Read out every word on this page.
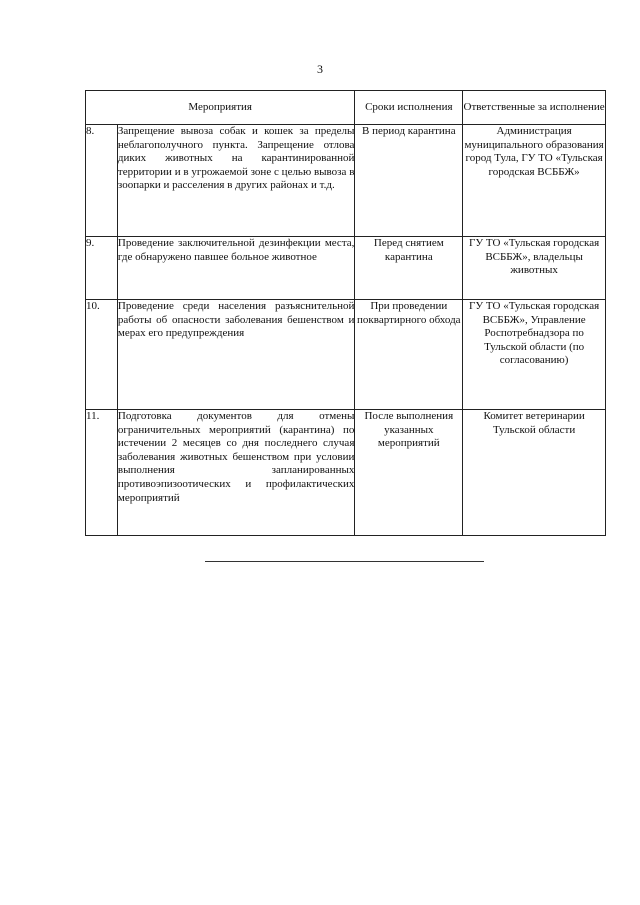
3
Мероприятия		Сроки исполнения	Ответственные за исполнение
8.	Запрещение вывоза собак и кошек за пределы неблагополучного пункта. Запрещение отлова диких животных на карантинированной территории и в угрожаемой зоне с целью вывоза в зоопарки и расселения в других районах и т.д.	В период карантина	Администрация муниципального образования город Тула, ГУ ТО «Тульская городская ВСББЖ»
9.	Проведение заключительной дезинфекции места, где обнаружено павшее больное животное	Перед снятием карантина	ГУ ТО «Тульская городская ВСББЖ», владельцы животных
10.	Проведение среди населения разъяснительной работы об опасности заболевания бешенством и мерах его предупреждения	При проведении поквартирного обхода	ГУ ТО «Тульская городская ВСББЖ», Управление Роспотребнадзора по Тульской области (по согласованию)
11.	Подготовка документов для отмены ограничительных мероприятий (карантина) по истечении 2 месяцев со дня последнего случая заболевания животных бешенством при условии выполнения запланированных противоэпизоотических и профилактических мероприятий	После выполнения указанных мероприятий	Комитет ветеринарии Тульской области
